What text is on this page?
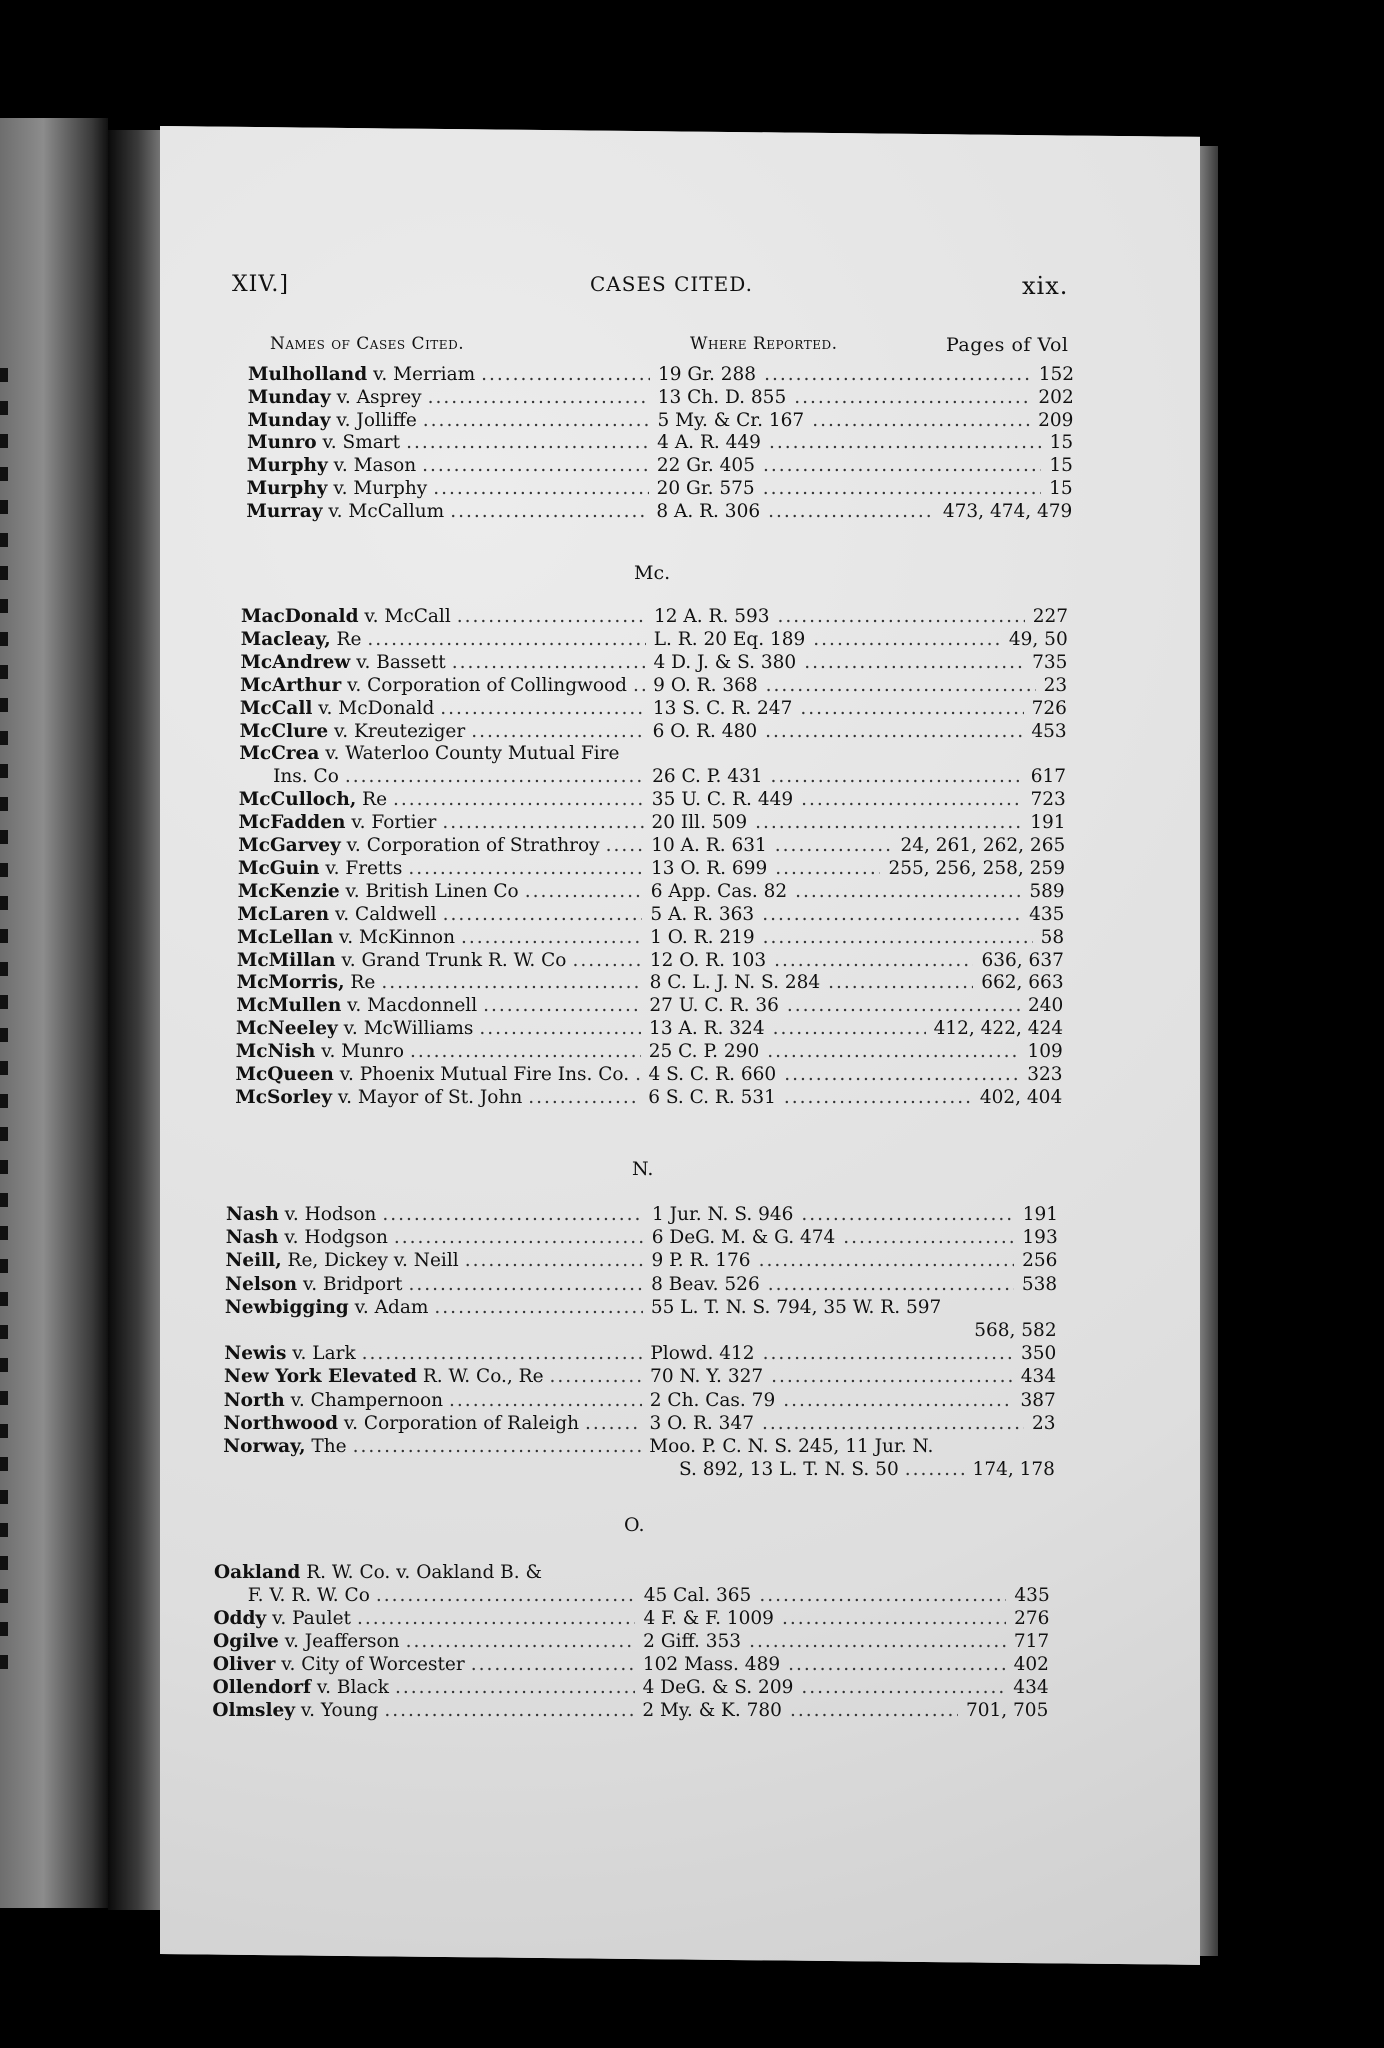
XIV.]	CASES CITED.	xix.
Names of Cases Cited.	Where Reported.	Pages of Vol
Mulholland v. Merriam .....	19 Gr. 288 .....	152
Munday v. Asprey .....	13 Ch. D. 855 .....	202
Munday v. Jolliffe .....	5 My. & Cr. 167 .....	209
Munro v. Smart .....	4 A. R. 449 .....	15
Murphy v. Mason .....	22 Gr. 405 .....	15
Murphy v. Murphy .....	20 Gr. 575 .....	15
Murray v. McCallum .....	8 A. R. 306 .....	473, 474, 479
Mc.
MacDonald v. McCall .....	12 A. R. 593 .....	227
Macleay, Re .....	L. R. 20 Eq. 189 .....	49, 50
McAndrew v. Bassett .....	4 D. J. & S. 380 .....	735
McArthur v. Corporation of Collingwood ..... 9 O. R. 368 .....	23
McCall v. McDonald .....	13 S. C. R. 247 .....	726
McClure v. Kreuteziger .....	6 O. R. 480 .....	453
McCrea v. Waterloo County Mutual Fire
Ins. Co .....	26 C. P. 431 .....	617
McCulloch, Re .....	35 U. C. R. 449 .....	723
McFadden v. Fortier .....	20 Ill. 509 .....	191
McGarvey v. Corporation of Strathroy .....	10 A. R. 631 .....	24, 261, 262, 265
McGuin v. Fretts .....	13 O. R. 699 .....	255, 256, 258, 259
McKenzie v. British Linen Co .....	6 App. Cas. 82 .....	589
McLaren v. Caldwell .....	5 A. R. 363 .....	435
McLellan v. McKinnon .....	1 O. R. 219 .....	58
McMillan v. Grand Trunk R. W. Co .....	12 O. R. 103 .....	636, 637
McMorris, Re .....	8 C. L. J. N. S. 284 .....	662, 663
McMullen v. Macdonnell .....	27 U. C. R. 36 .....	240
McNeeley v. McWilliams .....	13 A. R. 324 .....	412, 422, 424
McNish v. Munro .....	25 C. P. 290 .....	109
McQueen v. Phoenix Mutual Fire Ins. Co. ..... 4 S. C. R. 660 .....	323
McSorley v. Mayor of St. John .....	6 S. C. R. 531 .....	402, 404
N.
Nash v. Hodson .....	1 Jur. N. S. 946 .....	191
Nash v. Hodgson .....	6 DeG. M. & G. 474 .....	193
Neill, Re, Dickey v. Neill .....	9 P. R. 176 .....	256
Nelson v. Bridport .....	8 Beav. 526 .....	538
Newbigging v. Adam .....	55 L. T. N. S. 794, 35 W. R. 597
568, 582
Newis v. Lark .....	Plowd. 412 .....	350
New York Elevated R. W. Co., Re .....	70 N. Y. 327 .....	434
North v. Champernoon .....	2 Ch. Cas. 79 .....	387
Northwood v. Corporation of Raleigh .....	3 O. R. 347 .....	23
Norway, The .....	Moo. P. C. N. S. 245, 11 Jur. N.
S. 892, 13 L. T. N. S. 50	174, 178
.....
O.
Oakland R. W. Co. v. Oakland B. &
F. V. R. W. Co .....	45 Cal. 365 .....	435
Oddy v. Paulet .....	4 F. & F. 1009 .....	276
Ogilve v. Jeafferson .....	2 Giff. 353 .....	717
Oliver v. City of Worcester .....	102 Mass. 489 .....	402
Ollendorf v. Black .....	4 DeG. & S. 209 .....	434
Olmsley v. Young .....	2 My. & K. 780 .....	701, 705
